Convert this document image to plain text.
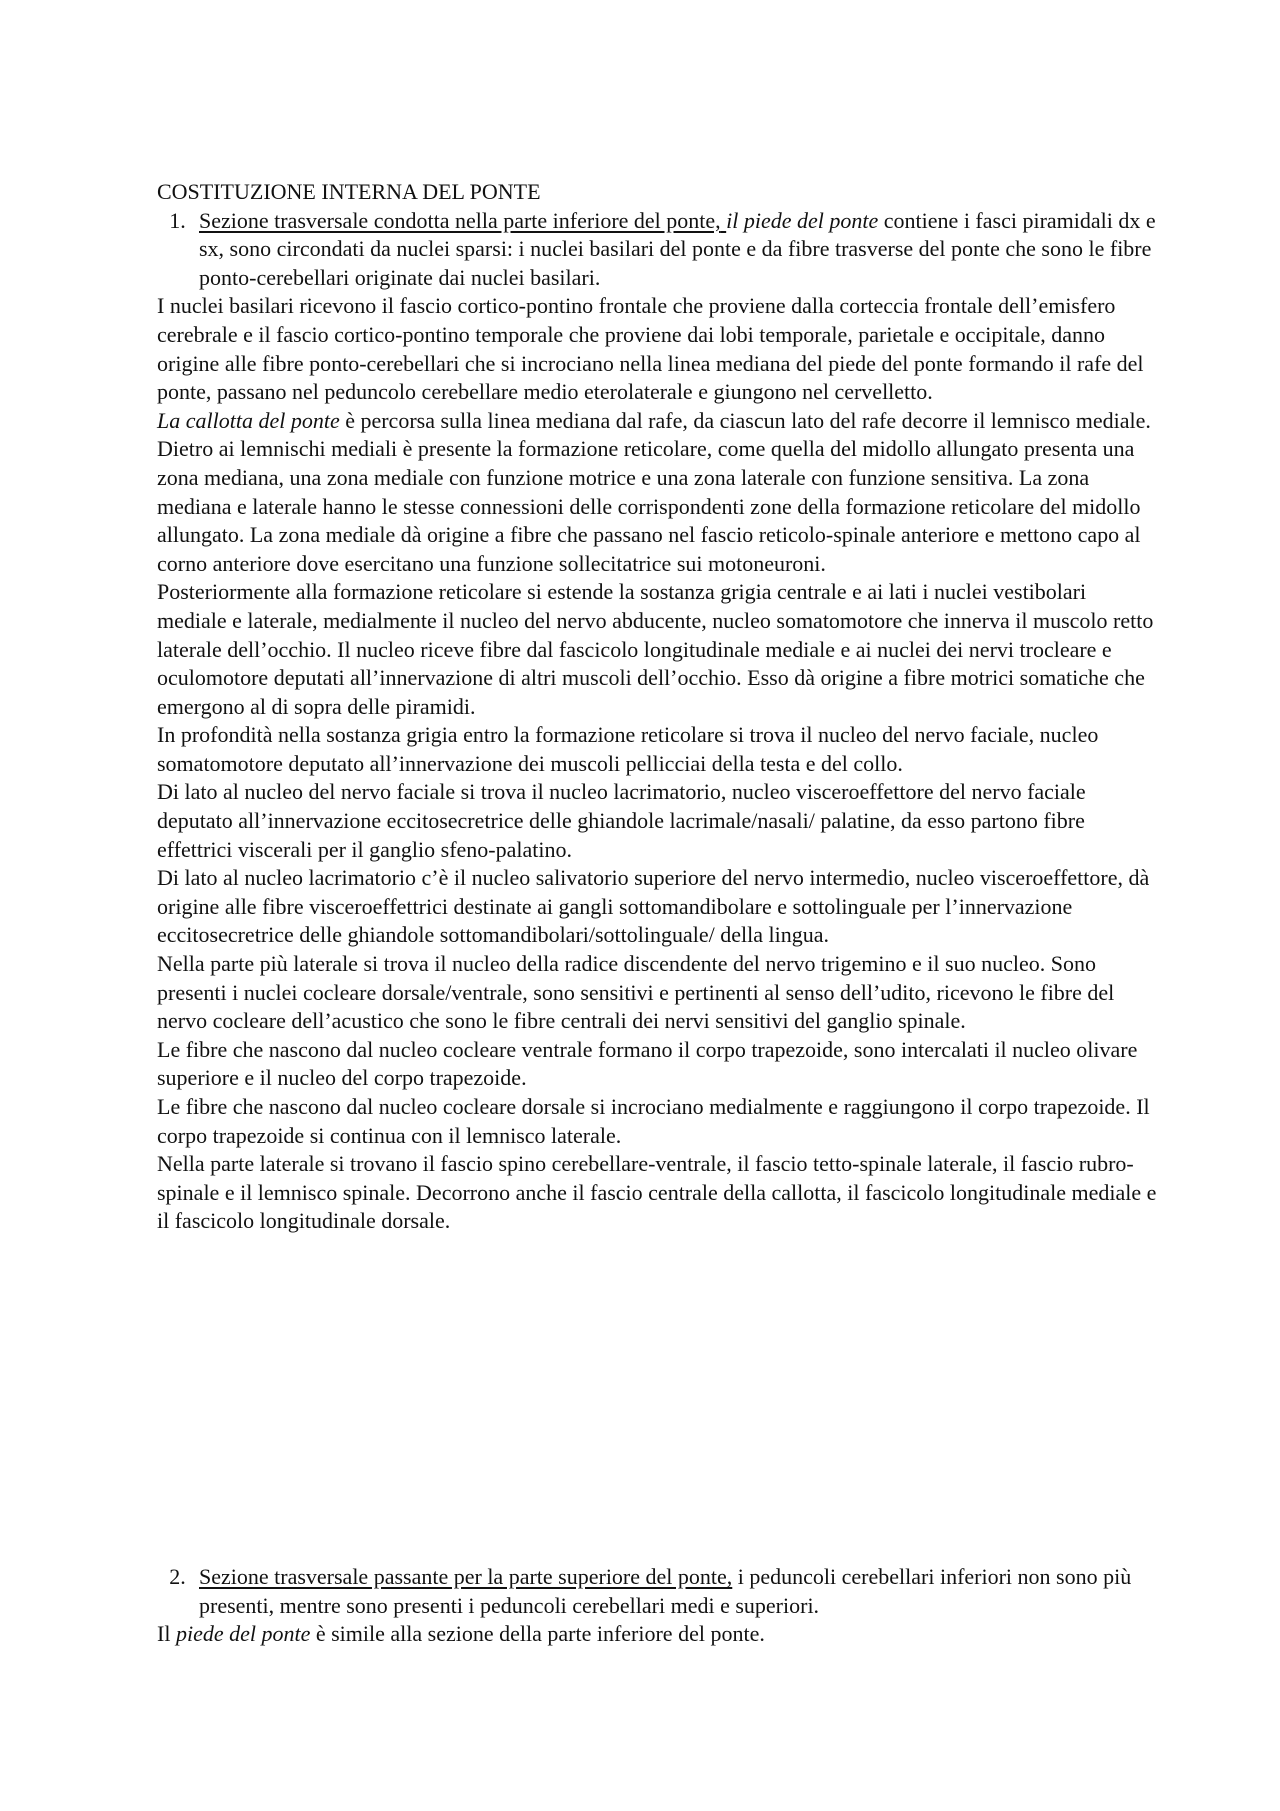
COSTITUZIONE INTERNA DEL PONTE

1. Sezione trasversale condotta nella parte inferiore del ponte, il piede del ponte contiene i fasci piramidali dx e sx, sono circondati da nuclei sparsi: i nuclei basilari del ponte e da fibre trasverse del ponte che sono le fibre ponto-cerebellari originate dai nuclei basilari.

I nuclei basilari ricevono il fascio cortico-pontino frontale che proviene dalla corteccia frontale dell’emisfero cerebrale e il fascio cortico-pontino temporale che proviene dai lobi temporale, parietale e occipitale, danno origine alle fibre ponto-cerebellari che si incrociano nella linea mediana del piede del ponte formando il rafe del ponte, passano nel peduncolo cerebellare medio eterolaterale e giungono nel cervelletto.

La callotta del ponte è percorsa sulla linea mediana dal rafe, da ciascun lato del rafe decorre il lemnisco mediale. Dietro ai lemnischi mediali è presente la formazione reticolare, come quella del midollo allungato presenta una zona mediana, una zona mediale con funzione motrice e una zona laterale con funzione sensitiva. La zona mediana e laterale hanno le stesse connessioni delle corrispondenti zone della formazione reticolare del midollo allungato. La zona mediale dà origine a fibre che passano nel fascio reticolo-spinale anteriore e mettono capo al corno anteriore dove esercitano una funzione sollecitatrice sui motoneuroni.

Posteriormente alla formazione reticolare si estende la sostanza grigia centrale e ai lati i nuclei vestibolari mediale e laterale, medialmente il nucleo del nervo abducente, nucleo somatomotore che innerva il muscolo retto laterale dell’occhio. Il nucleo riceve fibre dal fascicolo longitudinale mediale e ai nuclei dei nervi trocleare e oculomotore deputati all’innervazione di altri muscoli dell’occhio. Esso dà origine a fibre motrici somatiche che emergono al di sopra delle piramidi.

In profondità nella sostanza grigia entro la formazione reticolare si trova il nucleo del nervo faciale, nucleo somatomotore deputato all’innervazione dei muscoli pellicciai della testa e del collo.

Di lato al nucleo del nervo faciale si trova il nucleo lacrimatorio, nucleo visceroeffettore del nervo faciale deputato all’innervazione eccitosecretrice delle ghiandole lacrimale/nasali/ palatine, da esso partono fibre effettrici viscerali per il ganglio sfeno-palatino.

Di lato al nucleo lacrimatorio c’è il nucleo salivatorio superiore del nervo intermedio, nucleo visceroeffettore, dà origine alle fibre visceroeffettrici destinate ai gangli sottomandibolare e sottolinguale per l’innervazione eccitosecretrice delle ghiandole sottomandibolari/sottolinguale/ della lingua.

Nella parte più laterale si trova il nucleo della radice discendente del nervo trigemino e il suo nucleo. Sono presenti i nuclei cocleare dorsale/ventrale, sono sensitivi e pertinenti al senso dell’udito, ricevono le fibre del nervo cocleare dell’acustico che sono le fibre centrali dei nervi sensitivi del ganglio spinale.

Le fibre che nascono dal nucleo cocleare ventrale formano il corpo trapezoide, sono intercalati il nucleo olivare superiore e il nucleo del corpo trapezoide.

Le fibre che nascono dal nucleo cocleare dorsale si incrociano medialmente e raggiungono il corpo trapezoide. Il corpo trapezoide si continua con il lemnisco laterale.

Nella parte laterale si trovano il fascio spino cerebellare-ventrale, il fascio tetto-spinale laterale, il fascio rubro-spinale e il lemnisco spinale. Decorrono anche il fascio centrale della callotta, il fascicolo longitudinale mediale e il fascicolo longitudinale dorsale.

2. Sezione trasversale passante per la parte superiore del ponte, i peduncoli cerebellari inferiori non sono più presenti, mentre sono presenti i peduncoli cerebellari medi e superiori.

Il piede del ponte è simile alla sezione della parte inferiore del ponte.
